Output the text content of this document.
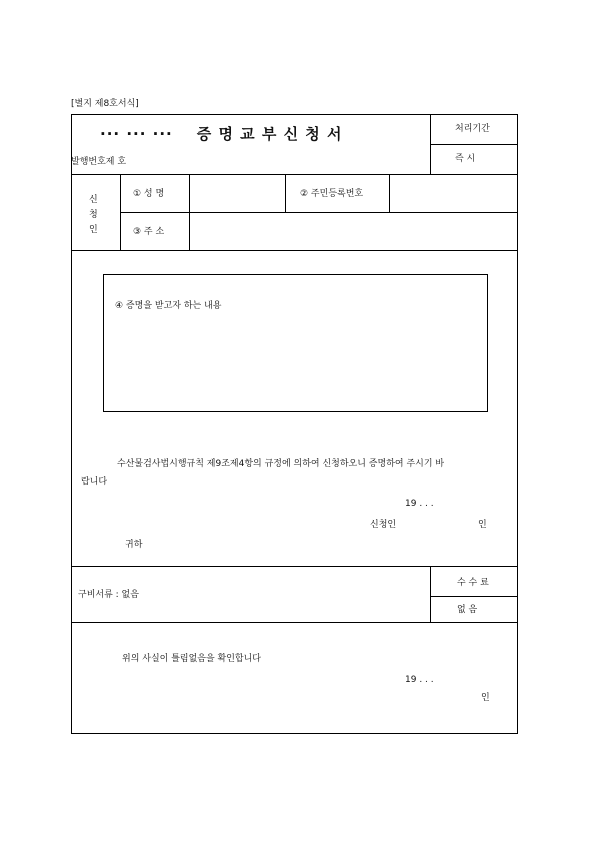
[별지 제8호서식]
··· ··· ··· 증 명 교 부 신 청 서	처리기간
즉 시
발행번호제 호
신
청
인
① 성 명	② 주민등록번호
③ 주 소
④ 증명을 받고자 하는 내용
수산물검사법시행규칙 제9조제4항의 규정에 의하여 신청하오니 증명하여 주시기 바
랍니다
19 . . .
신청인	인
귀하
구비서류 : 없음
수 수 료
없 음
위의 사실이 틀림없음을 확인합니다
19 . . .
인
